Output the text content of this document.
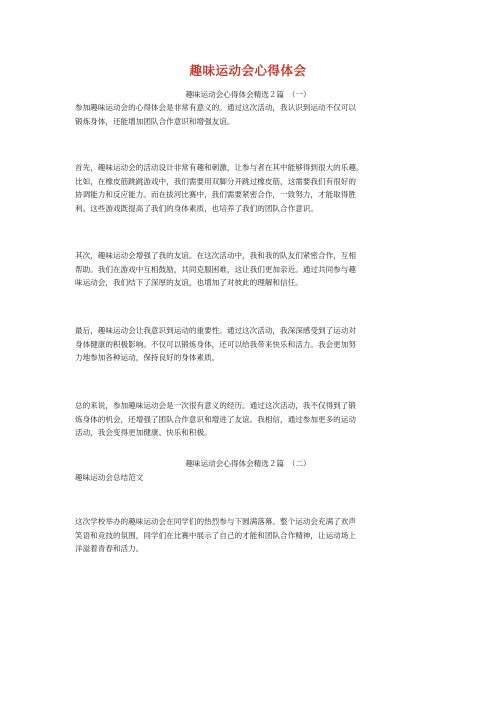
趣味运动会心得体会
趣味运动会心得体会精选２篇　（一）
参加趣味运动会的心得体会是非常有意义的。通过这次活动，我认识到运动不仅可以
锻炼身体，还能增加团队合作意识和增强友谊。
首先，趣味运动会的活动设计非常有趣和刺激，让参与者在其中能够得到很大的乐趣。
比如，在橡皮筋跳跳游戏中，我们需要用双脚分开跳过橡皮筋，这需要我们有很好的
协调能力和反应能力。而在拔河比赛中，我们需要紧密合作，一致努力，才能取得胜
利。这些游戏既提高了我们的身体素质，也培养了我们的团队合作意识。
其次，趣味运动会增强了我的友谊。在这次活动中，我和我的队友们紧密合作，互相
帮助。我们在游戏中互相鼓励，共同克服困难，这让我们更加亲近。通过共同参与趣
味运动会，我们结下了深厚的友谊，也增加了对彼此的理解和信任。
最后，趣味运动会让我意识到运动的重要性。通过这次活动，我深深感受到了运动对
身体健康的积极影响。不仅可以锻炼身体，还可以给我带来快乐和活力。我会更加努
力地参加各种运动，保持良好的身体素质。
总的来说，参加趣味运动会是一次很有意义的经历。通过这次活动，我不仅得到了锻
炼身体的机会，还增强了团队合作意识和增进了友谊。我相信，通过参加更多的运动
活动，我会变得更加健康、快乐和积极。
趣味运动会心得体会精选２篇　（二）
趣味运动会总结范文
这次学校举办的趣味运动会在同学们的热烈参与下圆满落幕。整个运动会充满了欢声
笑语和竞技的氛围，同学们在比赛中展示了自己的才能和团队合作精神，让运动场上
洋溢着青春和活力。
